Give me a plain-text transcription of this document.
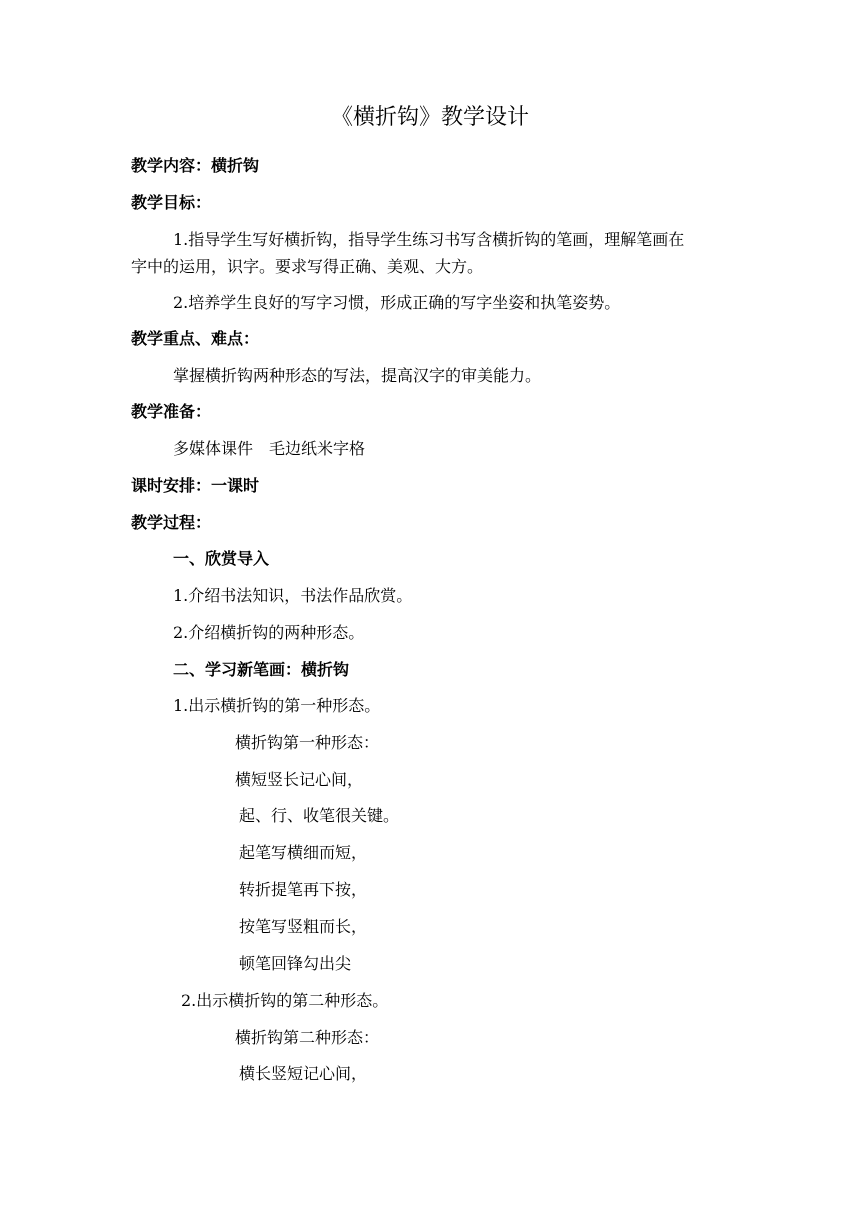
《横折钩》教学设计
教学内容：横折钩
教学目标：
1.指导学生写好横折钩，指导学生练习书写含横折钩的笔画，理解笔画在
字中的运用，识字。要求写得正确、美观、大方。
2.培养学生良好的写字习惯，形成正确的写字坐姿和执笔姿势。
教学重点、难点：
掌握横折钩两种形态的写法，提高汉字的审美能力。
教学准备：
多媒体课件　毛边纸米字格
课时安排：一课时
教学过程：
一、欣赏导入
1.介绍书法知识，书法作品欣赏。
2.介绍横折钩的两种形态。
二、学习新笔画：横折钩
1.出示横折钩的第一种形态。
横折钩第一种形态：
横短竖长记心间，
起、行、收笔很关键。
起笔写横细而短，
转折提笔再下按，
按笔写竖粗而长，
顿笔回锋勾出尖
2.出示横折钩的第二种形态。
横折钩第二种形态：
横长竖短记心间，
